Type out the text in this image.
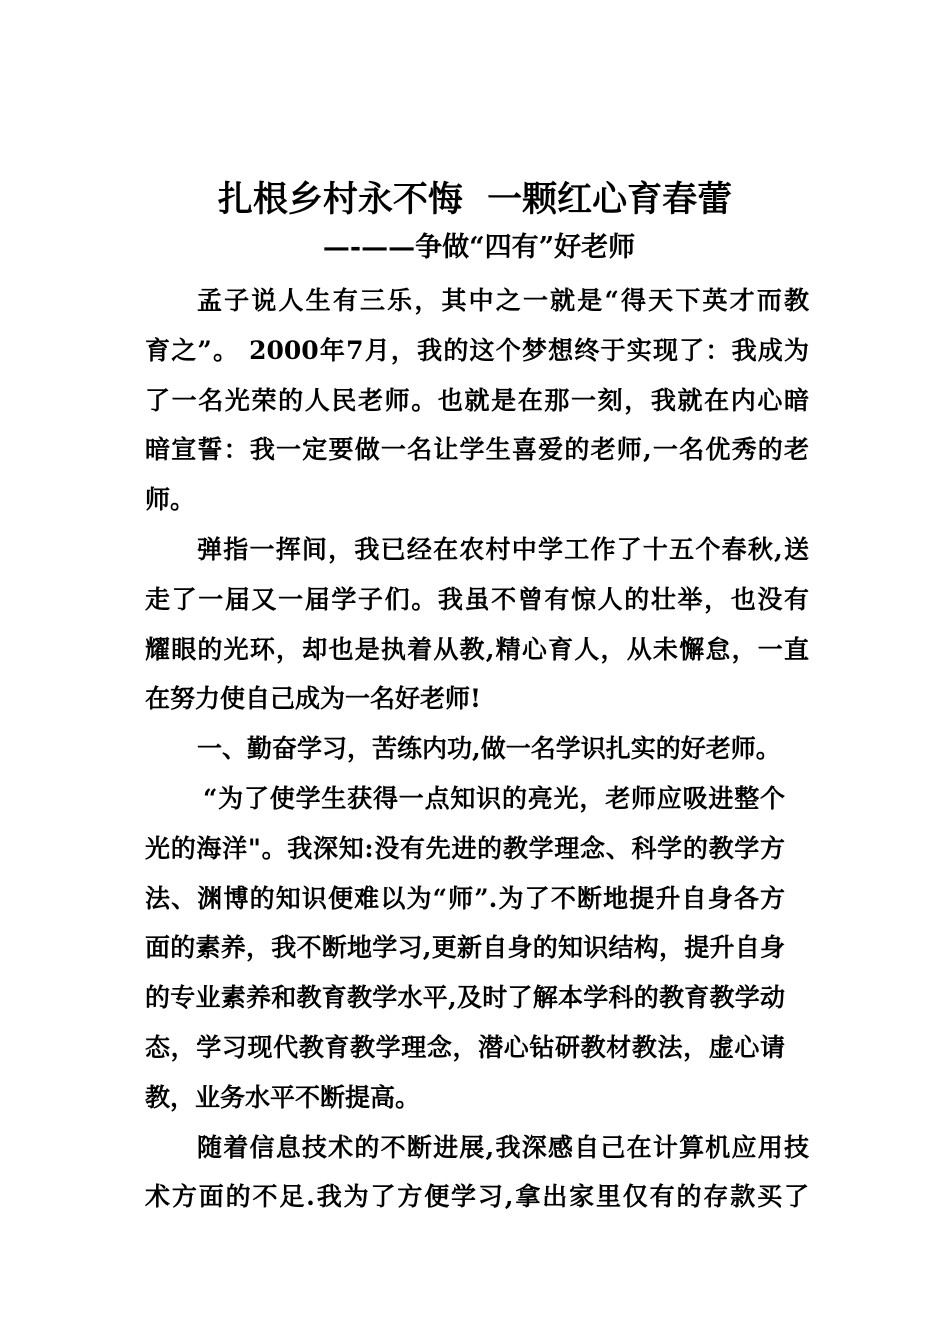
扎根乡村永不悔  一颗红心育春蕾
—-——争做“四有”好老师
孟子说人生有三乐，其中之一就是“得天下英才而教
育之”。 2000年7月，我的这个梦想终于实现了：我成为
了一名光荣的人民老师。也就是在那一刻，我就在内心暗
暗宣誓：我一定要做一名让学生喜爱的老师,一名优秀的老
师。
弹指一挥间，我已经在农村中学工作了十五个春秋,送
走了一届又一届学子们。我虽不曾有惊人的壮举，也没有
耀眼的光环，却也是执着从教,精心育人，从未懈怠，一直
在努力使自己成为一名好老师!
一、勤奋学习，苦练内功,做一名学识扎实的好老师。
“为了使学生获得一点知识的亮光，老师应吸进整个
光的海洋"。我深知:没有先进的教学理念、科学的教学方
法、渊博的知识便难以为“师”.为了不断地提升自身各方
面的素养，我不断地学习,更新自身的知识结构，提升自身
的专业素养和教育教学水平,及时了解本学科的教育教学动
态，学习现代教育教学理念，潜心钻研教材教法，虚心请
教，业务水平不断提高。
随着信息技术的不断进展,我深感自己在计算机应用技
术方面的不足.我为了方便学习,拿出家里仅有的存款买了
